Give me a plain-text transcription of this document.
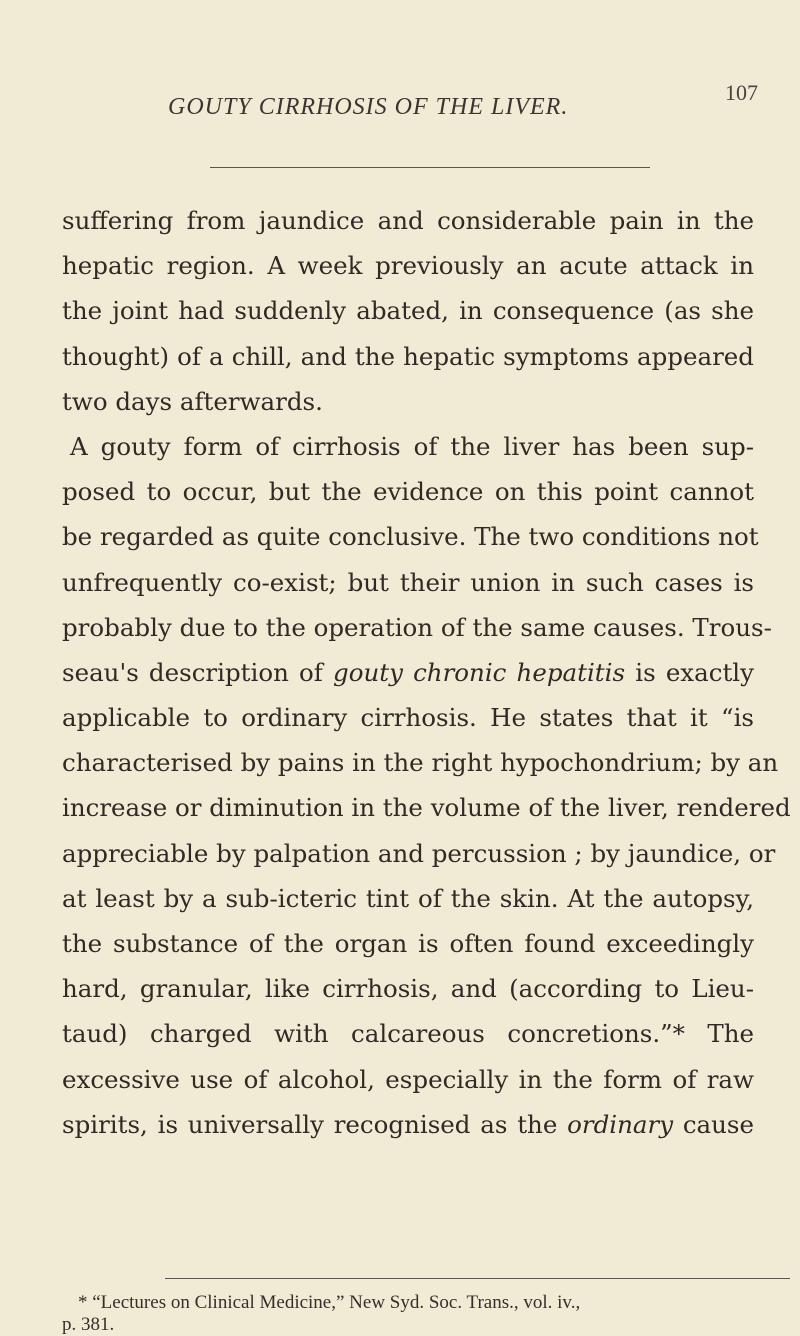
GOUTY CIRRHOSIS OF THE LIVER.
107
suffering from jaundice and considerable pain in the
hepatic region. A week previously an acute attack in
the joint had suddenly abated, in consequence (as she
thought) of a chill, and the hepatic symptoms appeared
two days afterwards.
A gouty form of cirrhosis of the liver has been sup-
posed to occur, but the evidence on this point cannot
be regarded as quite conclusive. The two conditions not
unfrequently co-exist; but their union in such cases is
probably due to the operation of the same causes. Trous-
seau's description of gouty chronic hepatitis is exactly
applicable to ordinary cirrhosis. He states that it “is
characterised by pains in the right hypochondrium; by an
increase or diminution in the volume of the liver, rendered
appreciable by palpation and percussion ; by jaundice, or
at least by a sub-icteric tint of the skin. At the autopsy,
the substance of the organ is often found exceedingly
hard, granular, like cirrhosis, and (according to Lieu-
taud) charged with calcareous concretions.”* The
excessive use of alcohol, especially in the form of raw
spirits, is universally recognised as the ordinary cause
* “Lectures on Clinical Medicine,” New Syd. Soc. Trans., vol. iv.,
p. 381.
